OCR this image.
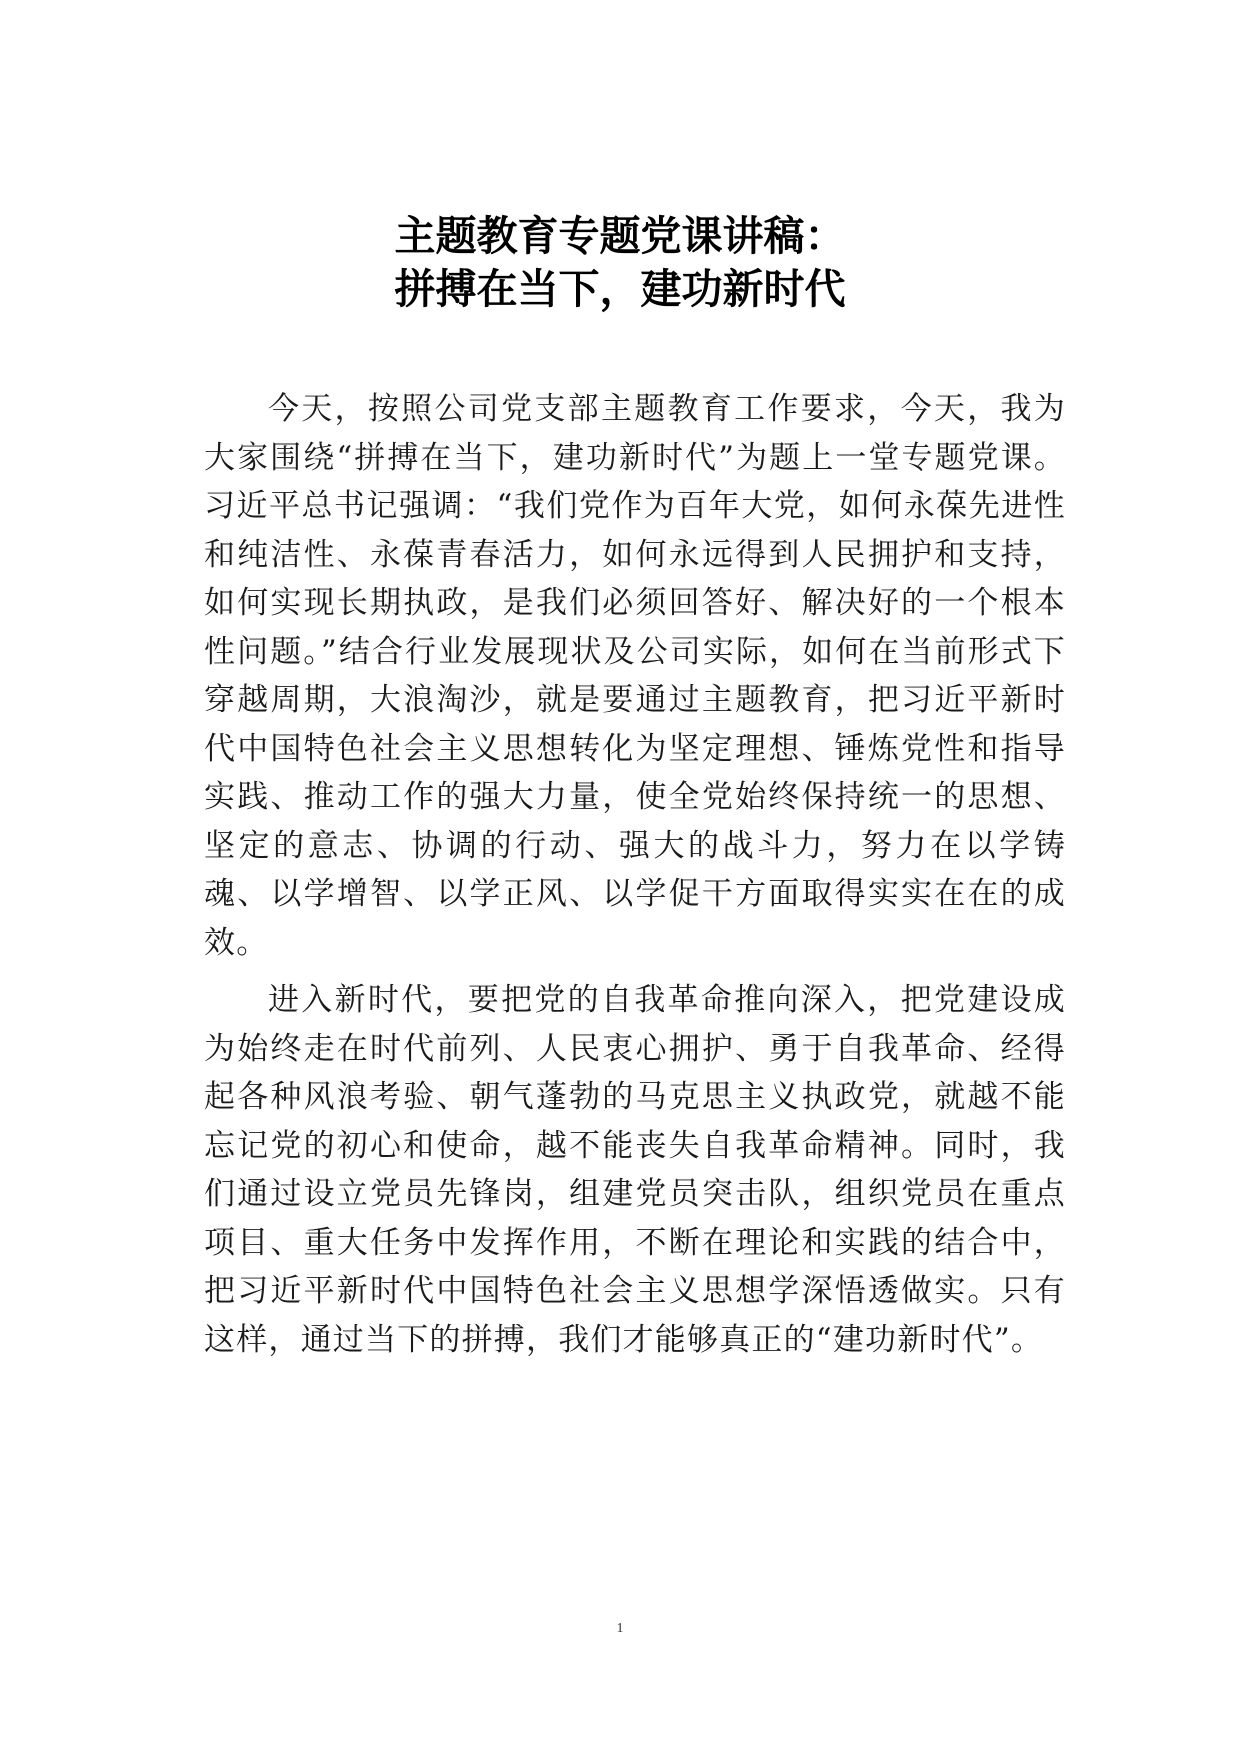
主题教育专题党课讲稿：
拼搏在当下，建功新时代

今天，按照公司党支部主题教育工作要求，今天，我为大家围绕“拼搏在当下，建功新时代”为题上一堂专题党课。习近平总书记强调：“我们党作为百年大党，如何永葆先进性和纯洁性、永葆青春活力，如何永远得到人民拥护和支持，如何实现长期执政，是我们必须回答好、解决好的一个根本性问题。”结合行业发展现状及公司实际，如何在当前形式下穿越周期，大浪淘沙，就是要通过主题教育，把习近平新时代中国特色社会主义思想转化为坚定理想、锤炼党性和指导实践、推动工作的强大力量，使全党始终保持统一的思想、坚定的意志、协调的行动、强大的战斗力，努力在以学铸魂、以学增智、以学正风、以学促干方面取得实实在在的成效。

进入新时代，要把党的自我革命推向深入，把党建设成为始终走在时代前列、人民衷心拥护、勇于自我革命、经得起各种风浪考验、朝气蓬勃的马克思主义执政党，就越不能忘记党的初心和使命，越不能丧失自我革命精神。同时，我们通过设立党员先锋岗，组建党员突击队，组织党员在重点项目、重大任务中发挥作用，不断在理论和实践的结合中，把习近平新时代中国特色社会主义思想学深悟透做实。只有这样，通过当下的拼搏，我们才能够真正的“建功新时代”。

1
